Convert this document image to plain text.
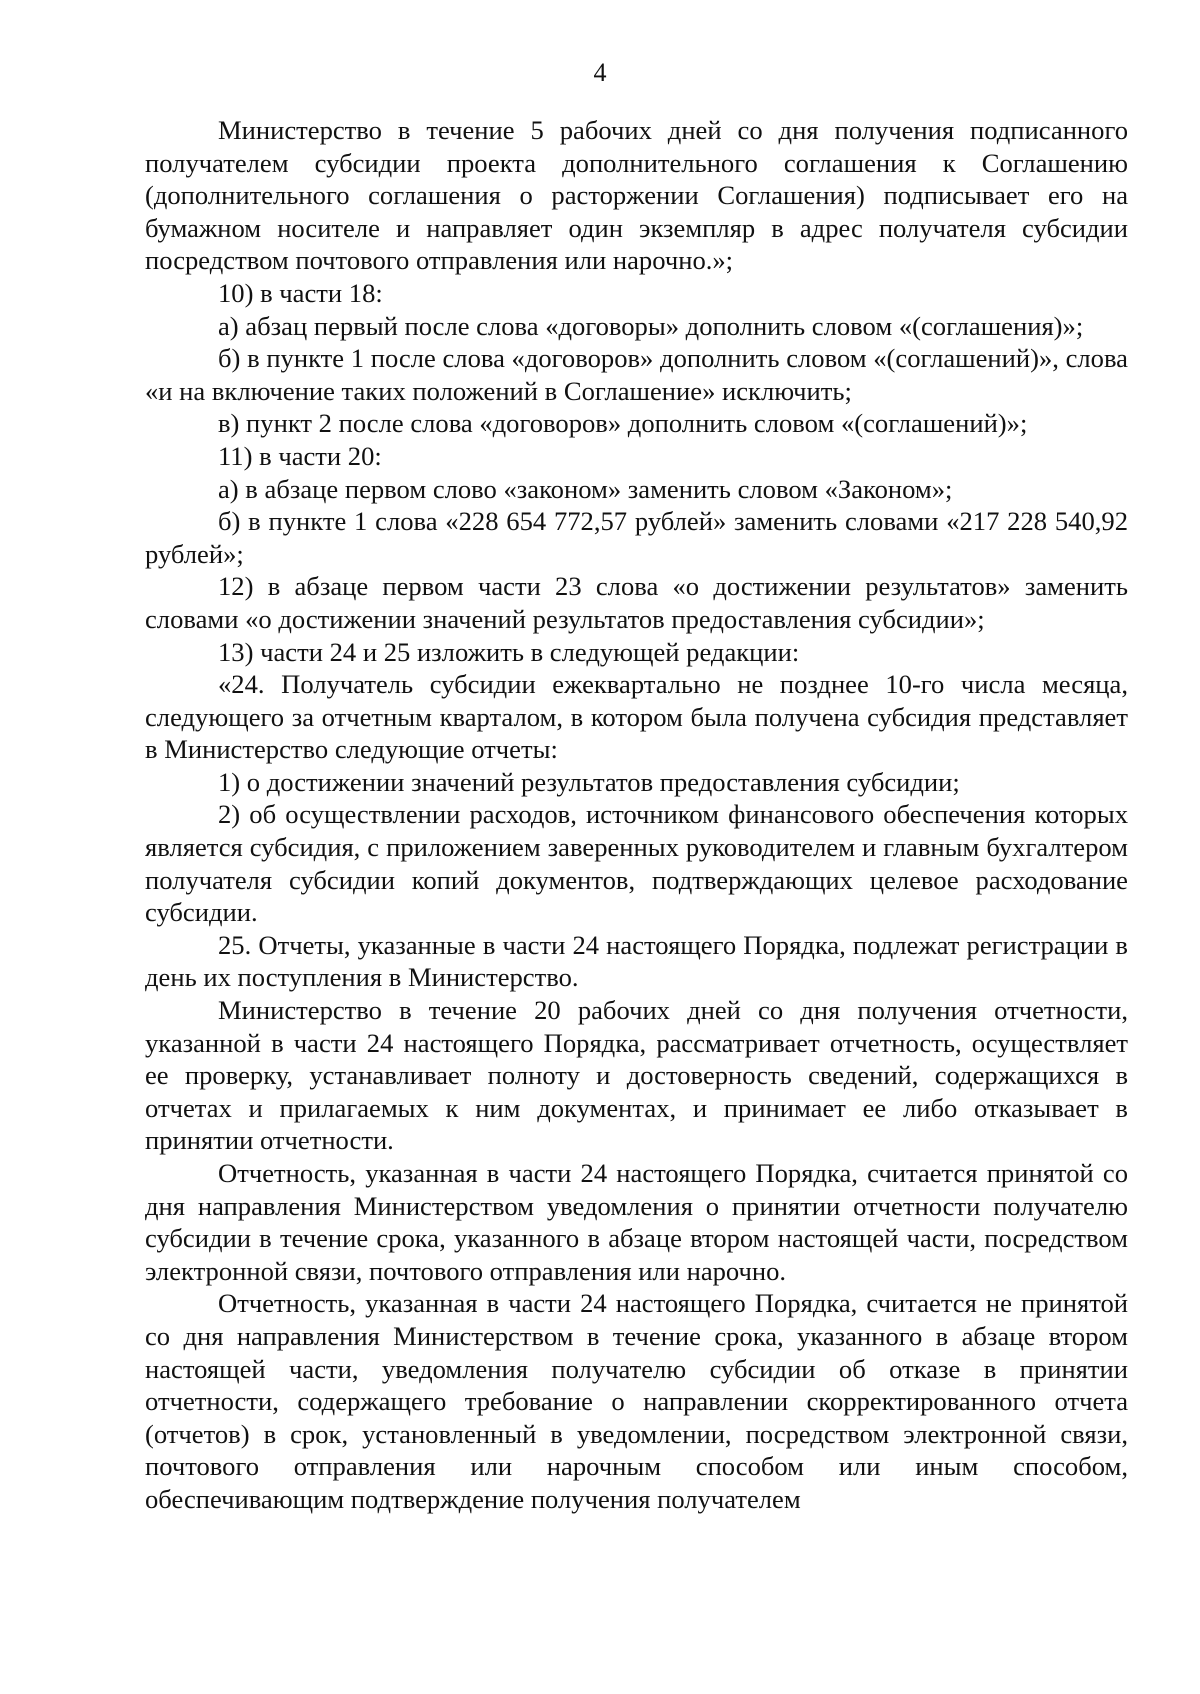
4

Министерство в течение 5 рабочих дней со дня получения подписанного получателем субсидии проекта дополнительного соглашения к Соглашению (дополнительного соглашения о расторжении Соглашения) подписывает его на бумажном носителе и направляет один экземпляр в адрес получателя субсидии посредством почтового отправления или нарочно.»;

10) в части 18:

а) абзац первый после слова «договоры» дополнить словом «(соглашения)»;

б) в пункте 1 после слова «договоров» дополнить словом «(соглашений)», слова «и на включение таких положений в Соглашение» исключить;

в) пункт 2 после слова «договоров» дополнить словом «(соглашений)»;

11) в части 20:

а) в абзаце первом слово «законом» заменить словом «Законом»;

б) в пункте 1 слова «228 654 772,57 рублей» заменить словами «217 228 540,92 рублей»;

12) в абзаце первом части 23 слова «о достижении результатов» заменить словами «о достижении значений результатов предоставления субсидии»;

13) части 24 и 25 изложить в следующей редакции:

«24. Получатель субсидии ежеквартально не позднее 10-го числа месяца, следующего за отчетным кварталом, в котором была получена субсидия представляет в Министерство следующие отчеты:

1) о достижении значений результатов предоставления субсидии;

2) об осуществлении расходов, источником финансового обеспечения которых является субсидия, с приложением заверенных руководителем и главным бухгалтером получателя субсидии копий документов, подтверждающих целевое расходование субсидии.

25. Отчеты, указанные в части 24 настоящего Порядка, подлежат регистрации в день их поступления в Министерство.

Министерство в течение 20 рабочих дней со дня получения отчетности, указанной в части 24 настоящего Порядка, рассматривает отчетность, осуществляет ее проверку, устанавливает полноту и достоверность сведений, содержащихся в отчетах и прилагаемых к ним документах, и принимает ее либо отказывает в принятии отчетности.

Отчетность, указанная в части 24 настоящего Порядка, считается принятой со дня направления Министерством уведомления о принятии отчетности получателю субсидии в течение срока, указанного в абзаце втором настоящей части, посредством электронной связи, почтового отправления или нарочно.

Отчетность, указанная в части 24 настоящего Порядка, считается не принятой со дня направления Министерством в течение срока, указанного в абзаце втором настоящей части, уведомления получателю субсидии об отказе в принятии отчетности, содержащего требование о направлении скорректированного отчета (отчетов) в срок, установленный в уведомлении, посредством электронной связи, почтового отправления или нарочным способом или иным способом, обеспечивающим подтверждение получения получателем
